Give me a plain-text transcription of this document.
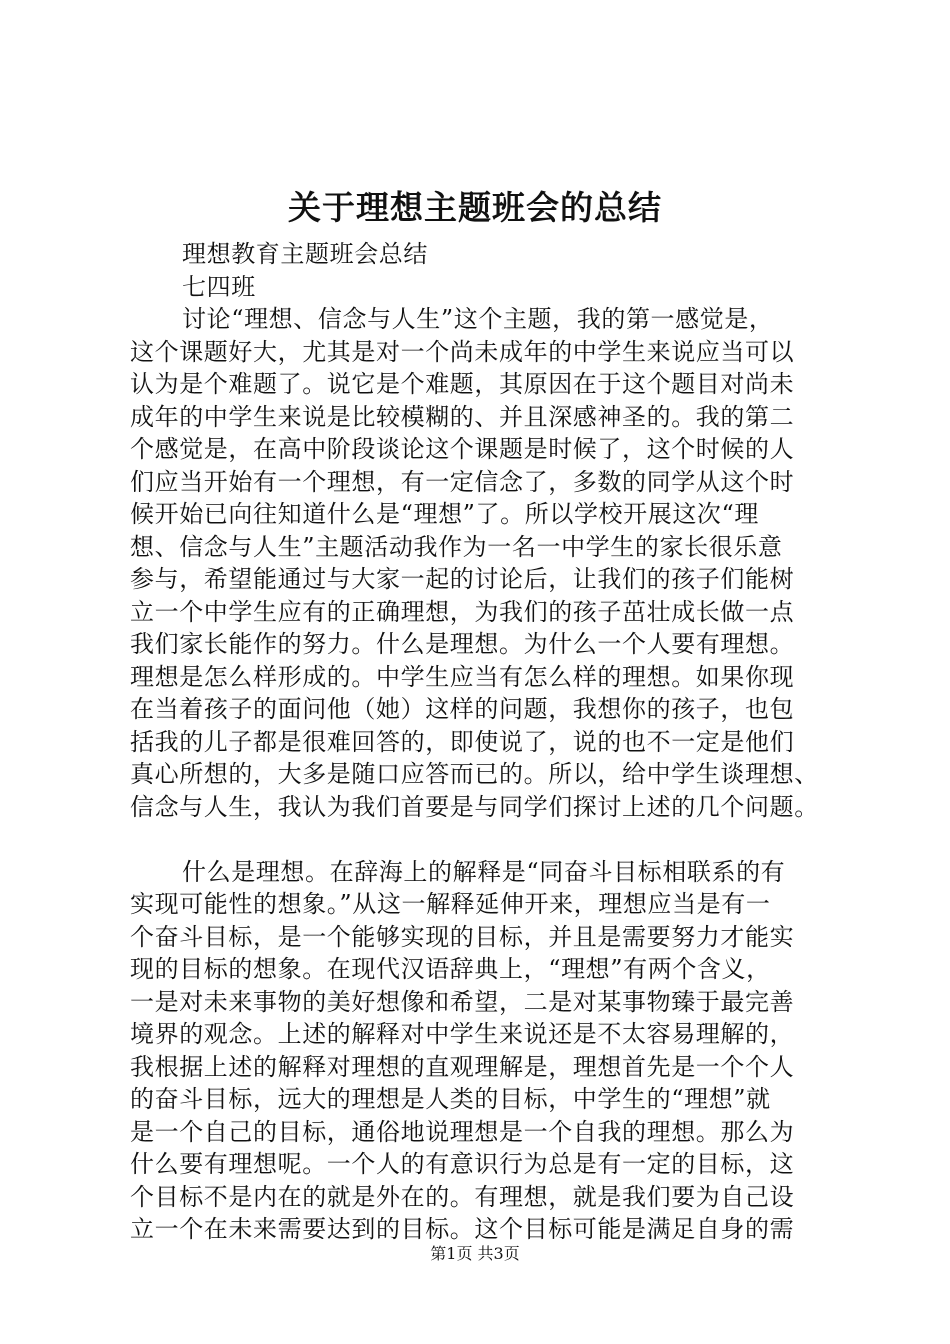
关于理想主题班会的总结
理想教育主题班会总结
七四班
讨论“理想、信念与人生”这个主题，我的第一感觉是，
这个课题好大，尤其是对一个尚未成年的中学生来说应当可以
认为是个难题了。说它是个难题，其原因在于这个题目对尚未
成年的中学生来说是比较模糊的、并且深感神圣的。我的第二
个感觉是，在高中阶段谈论这个课题是时候了，这个时候的人
们应当开始有一个理想，有一定信念了，多数的同学从这个时
候开始已向往知道什么是“理想”了。所以学校开展这次“理
想、信念与人生”主题活动我作为一名一中学生的家长很乐意
参与，希望能通过与大家一起的讨论后，让我们的孩子们能树
立一个中学生应有的正确理想，为我们的孩子茁壮成长做一点
我们家长能作的努力。什么是理想。为什么一个人要有理想。
理想是怎么样形成的。中学生应当有怎么样的理想。如果你现
在当着孩子的面问他（她）这样的问题，我想你的孩子，也包
括我的儿子都是很难回答的，即使说了，说的也不一定是他们
真心所想的，大多是随口应答而已的。所以，给中学生谈理想、
信念与人生，我认为我们首要是与同学们探讨上述的几个问题。
什么是理想。在辞海上的解释是“同奋斗目标相联系的有
实现可能性的想象。”从这一解释延伸开来，理想应当是有一
个奋斗目标，是一个能够实现的目标，并且是需要努力才能实
现的目标的想象。在现代汉语辞典上，“理想”有两个含义，
一是对未来事物的美好想像和希望，二是对某事物臻于最完善
境界的观念。上述的解释对中学生来说还是不太容易理解的，
我根据上述的解释对理想的直观理解是，理想首先是一个个人
的奋斗目标，远大的理想是人类的目标，中学生的“理想”就
是一个自己的目标，通俗地说理想是一个自我的理想。那么为
什么要有理想呢。一个人的有意识行为总是有一定的目标，这
个目标不是内在的就是外在的。有理想，就是我们要为自己设
立一个在未来需要达到的目标。这个目标可能是满足自身的需
第1页 共3页
